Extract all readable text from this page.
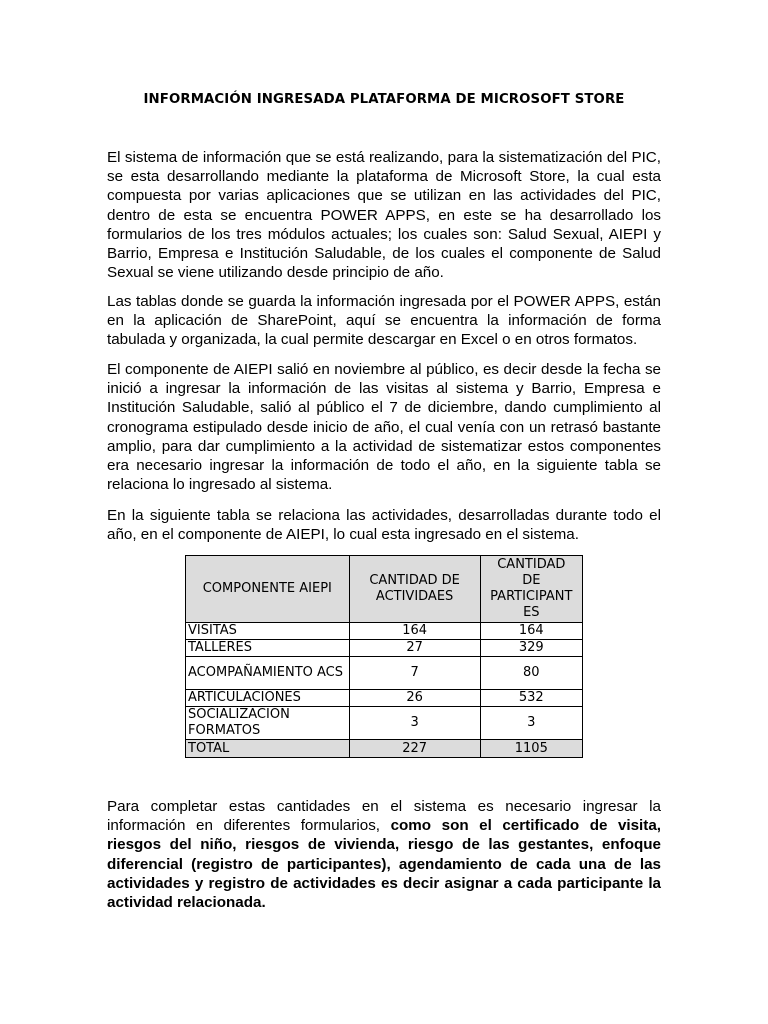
INFORMACIÓN INGRESADA PLATAFORMA DE MICROSOFT STORE

El sistema de información que se está realizando, para la sistematización del PIC, se esta desarrollando mediante la plataforma de Microsoft Store, la cual esta compuesta por varias aplicaciones que se utilizan en las actividades del PIC, dentro de esta se encuentra POWER APPS, en este se ha desarrollado los formularios de los tres módulos actuales; los cuales son: Salud Sexual, AIEPI y Barrio, Empresa e Institución Saludable, de los cuales el componente de Salud Sexual se viene utilizando desde principio de año.

Las tablas donde se guarda la información ingresada por el POWER APPS, están en la aplicación de SharePoint, aquí se encuentra la información de forma tabulada y organizada, la cual permite descargar en Excel o en otros formatos.

El componente de AIEPI salió en noviembre al público, es decir desde la fecha se inició a ingresar la información de las visitas al sistema y Barrio, Empresa e Institución Saludable, salió al público el 7 de diciembre, dando cumplimiento al cronograma estipulado desde inicio de año, el cual venía con un retrasó bastante amplio, para dar cumplimiento a la actividad de sistematizar estos componentes era necesario ingresar la información de todo el año, en la siguiente tabla se relaciona lo ingresado al sistema.

En la siguiente tabla se relaciona las actividades, desarrolladas durante todo el año, en el componente de AIEPI, lo cual esta ingresado en el sistema.

COMPONENTE AIEPI	CANTIDAD DE ACTIVIDAES	CANTIDAD
DE
PARTICIPANT
ES
VISITAS	164	164
TALLERES	27	329
ACOMPAÑAMIENTO ACS	7	80
ARTICULACIONES	26	532
SOCIALIZACION FORMATOS	3	3
TOTAL	227	1105

Para completar estas cantidades en el sistema es necesario ingresar la información en diferentes formularios, como son el certificado de visita, riesgos del niño, riesgos de vivienda, riesgo de las gestantes, enfoque diferencial (registro de participantes), agendamiento de cada una de las actividades y registro de actividades es decir asignar a cada participante la actividad relacionada.
